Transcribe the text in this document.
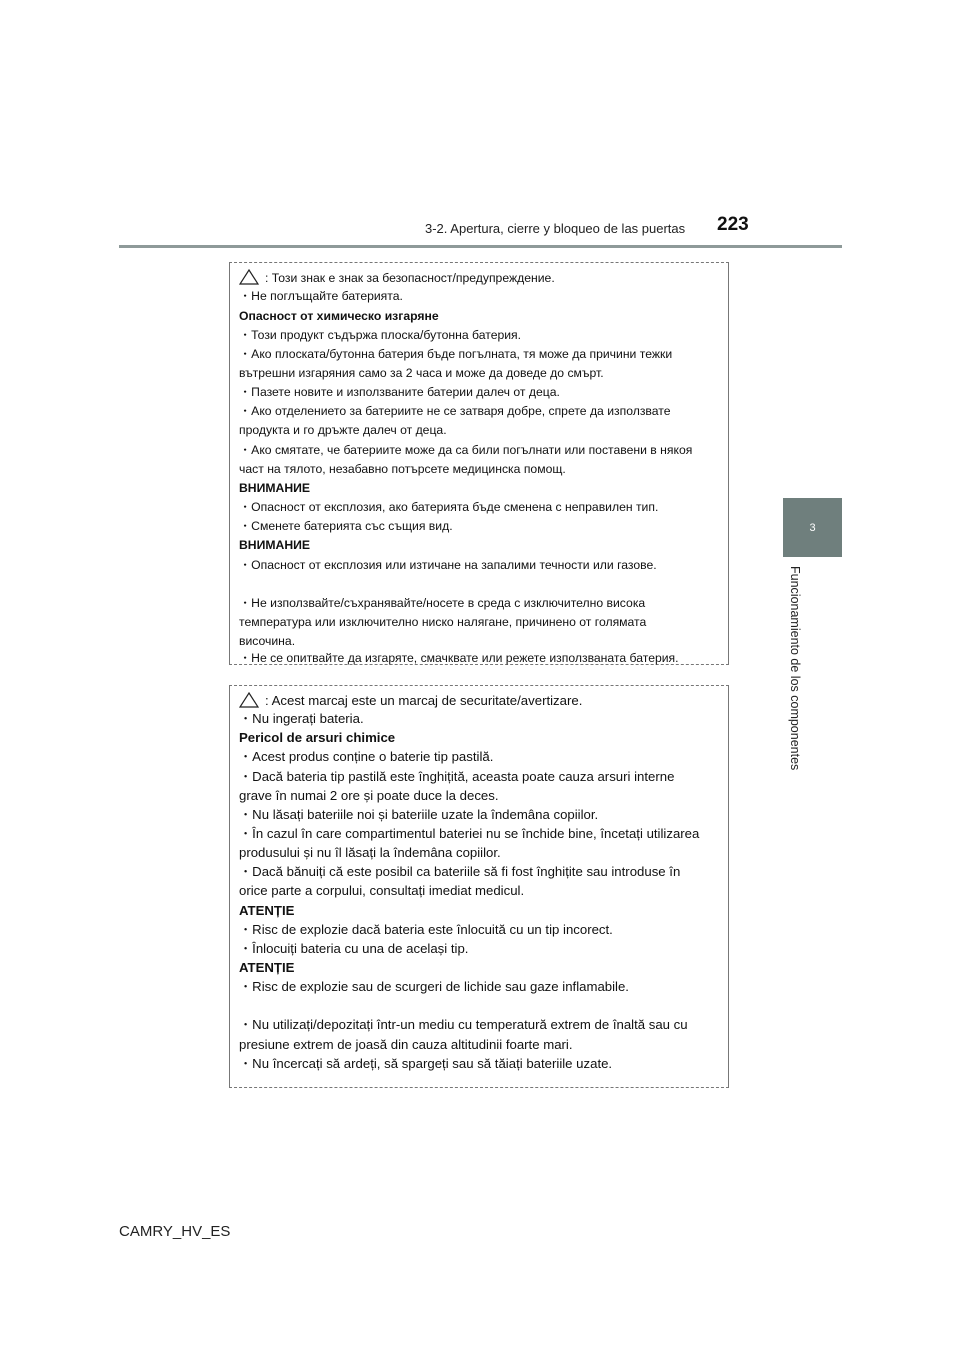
3-2. Apertura, cierre y bloqueo de las puertas 223
3
Funcionamiento de los componentes
: Този знак е знак за безопасност/предупреждение.
・Не поглъщайте батерията.
Опасност от химическо изгаряне
・Този продукт съдържа плоска/бутонна батерия.
・Ако плоската/бутонна батерия бъде погълната, тя може да причини тежки
вътрешни изгаряния само за 2 часа и може да доведе до смърт.
・Пазете новите и използваните батерии далеч от деца.
・Ако отделението за батериите не се затваря добре, спрете да използвате
продукта и го дръжте далеч от деца.
・Ако смятате, че батериите може да са били погълнати или поставени в някоя
част на тялото, незабавно потърсете медицинска помощ.
ВНИМАНИЕ
・Опасност от експлозия, ако батерията бъде сменена с неправилен тип.
・Сменете батерията със същия вид.
ВНИМАНИЕ
・Опасност от експлозия или изтичане на запалими течности или газове.
・Не използвайте/съхранявайте/носете в среда с изключително висока
температура или изключително ниско налягане, причинено от голямата
височина.
・Не се опитвайте да изгаряте, смачквате или режете използваната батерия.
: Acest marcaj este un marcaj de securitate/avertizare.
・Nu ingerați bateria.
Pericol de arsuri chimice
・Acest produs conține o baterie tip pastilă.
・Dacă bateria tip pastilă este înghițită, aceasta poate cauza arsuri interne
grave în numai 2 ore și poate duce la deces.
・Nu lăsați bateriile noi și bateriile uzate la îndemâna copiilor.
・În cazul în care compartimentul bateriei nu se închide bine, încetați utilizarea
produsului și nu îl lăsați la îndemâna copiilor.
・Dacă bănuiți că este posibil ca bateriile să fi fost înghițite sau introduse în
orice parte a corpului, consultați imediat medicul.
ATENȚIE
・Risc de explozie dacă bateria este înlocuită cu un tip incorect.
・Înlocuiți bateria cu una de același tip.
ATENȚIE
・Risc de explozie sau de scurgeri de lichide sau gaze inflamabile.
・Nu utilizați/depozitați într-un mediu cu temperatură extrem de înaltă sau cu
presiune extrem de joasă din cauza altitudinii foarte mari.
・Nu încercați să ardeți, să spargeți sau să tăiați bateriile uzate.
CAMRY_HV_ES
